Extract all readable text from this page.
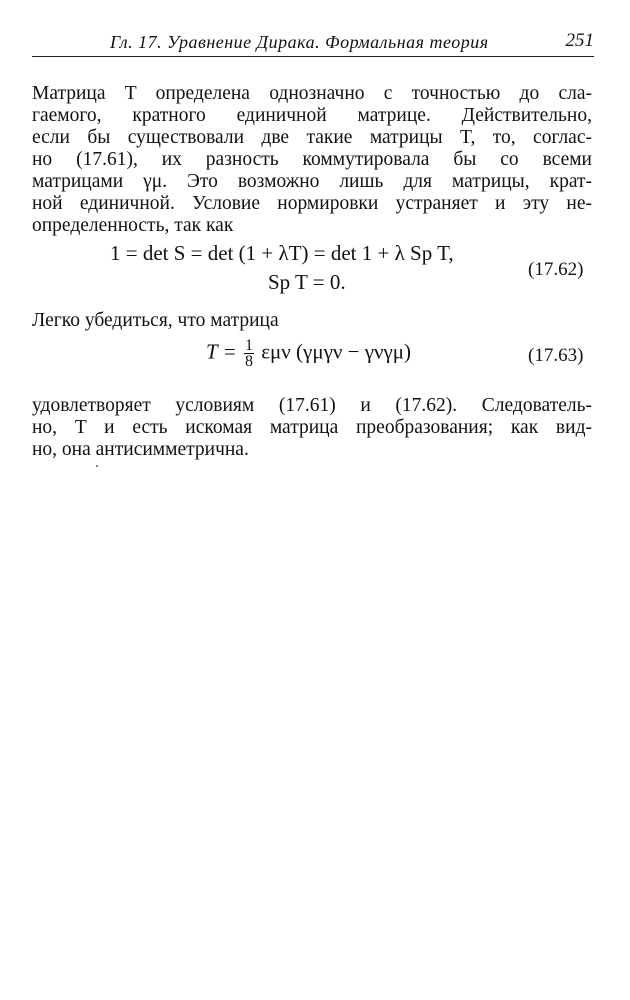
Гл. 17. Уравнение Дирака. Формальная теория	251
Матрица T определена однозначно с точностью до сла-
гаемого, кратного единичной матрице. Действительно,
если бы существовали две такие матрицы T, то, соглас-
но (17.61), их разность коммутировала бы со всеми
матрицами γμ. Это возможно лишь для матрицы, крат-
ной единичной. Условие нормировки устраняет и эту не-
определенность, так как
1 = det S = det (1 + λT) = det 1 + λ Sp T,
Sp T = 0.
(17.62)
Легко убедиться, что матрица
$T = \frac{1}{8}$ εμν (γμγν − γνγμ)	(17.63)
удовлетворяет условиям (17.61) и (17.62). Следователь-
но, T и есть искомая матрица преобразования; как вид-
но, она антисимметрична.
